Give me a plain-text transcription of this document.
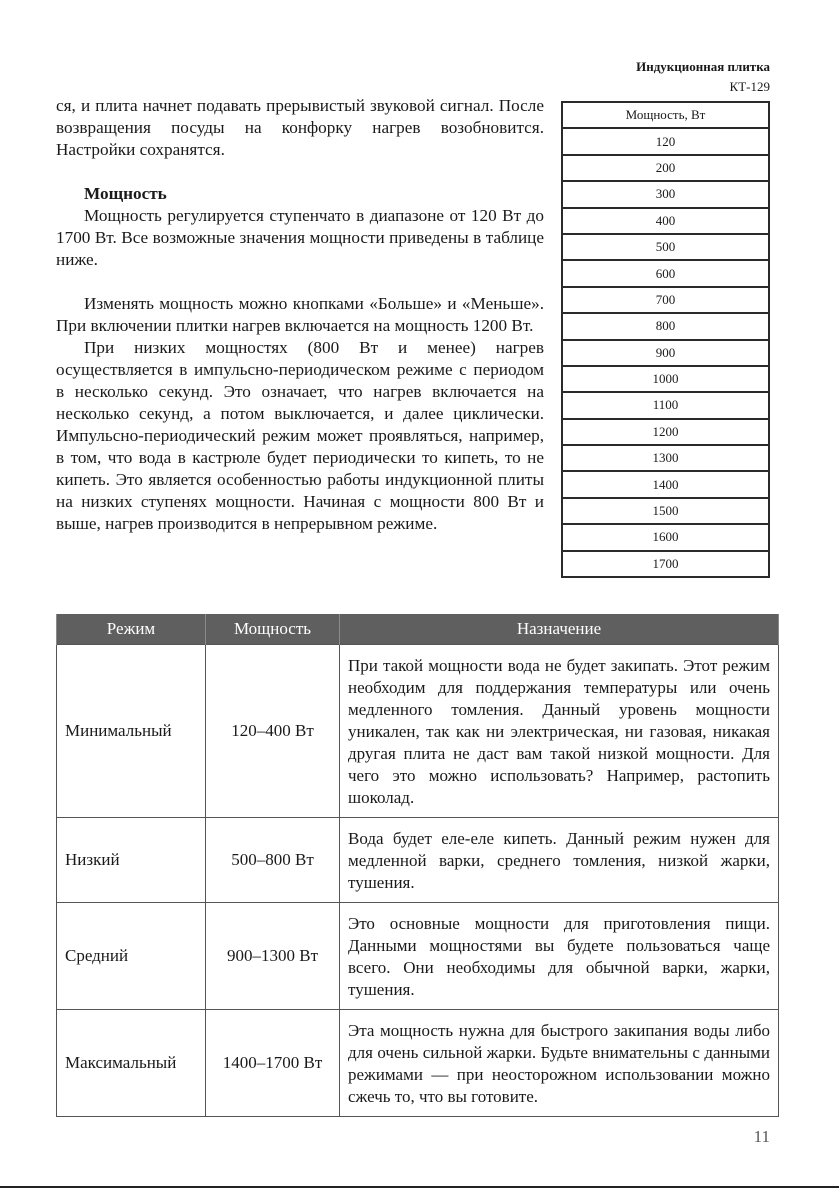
Индукционная плитка
КТ-129

ся, и плита начнет подавать прерывистый звуковой сигнал. После возвращения посуды на конфорку нагрев возобновится. Настройки сохранятся.

Мощность

Мощность регулируется ступенчато в диапазоне от 120 Вт до 1700 Вт. Все возможные значения мощности приведены в таблице ниже.

Изменять мощность можно кнопками «Больше» и «Меньше». При включении плитки нагрев включается на мощность 1200 Вт.

При низких мощностях (800 Вт и менее) нагрев осуществляется в импульсно-периодическом режиме с периодом в несколько секунд. Это означает, что нагрев включается на несколько секунд, а потом выключается, и далее циклически. Импульсно-периодический режим может проявляться, например, в том, что вода в кастрюле будет периодически то кипеть, то не кипеть. Это является особенностью работы индукционной плиты на низких ступенях мощности. Начиная с мощности 800 Вт и выше, нагрев производится в непрерывном режиме.

Мощность, Вт
120
200
300
400
500
600
700
800
900
1000
1100
1200
1300
1400
1500
1600
1700
Режим	Мощность	Назначение
Минимальный	120–400 Вт	При такой мощности вода не будет закипать. Этот режим необходим для поддержания температуры или очень медленного томления. Данный уровень мощности уникален, так как ни электрическая, ни газовая, никакая другая плита не даст вам такой низкой мощности. Для чего это можно использовать? Например, растопить шоколад.
Низкий	500–800 Вт	Вода будет еле-еле кипеть. Данный режим нужен для медленной варки, среднего томления, низкой жарки, тушения.
Средний	900–1300 Вт	Это основные мощности для приготовления пищи. Данными мощностями вы будете пользоваться чаще всего. Они необходимы для обычной варки, жарки, тушения.
Максимальный	1400–1700 Вт	Эта мощность нужна для быстрого закипания воды либо для очень сильной жарки. Будьте внимательны с данными режимами — при неосторожном использовании можно сжечь то, что вы готовите.
11
